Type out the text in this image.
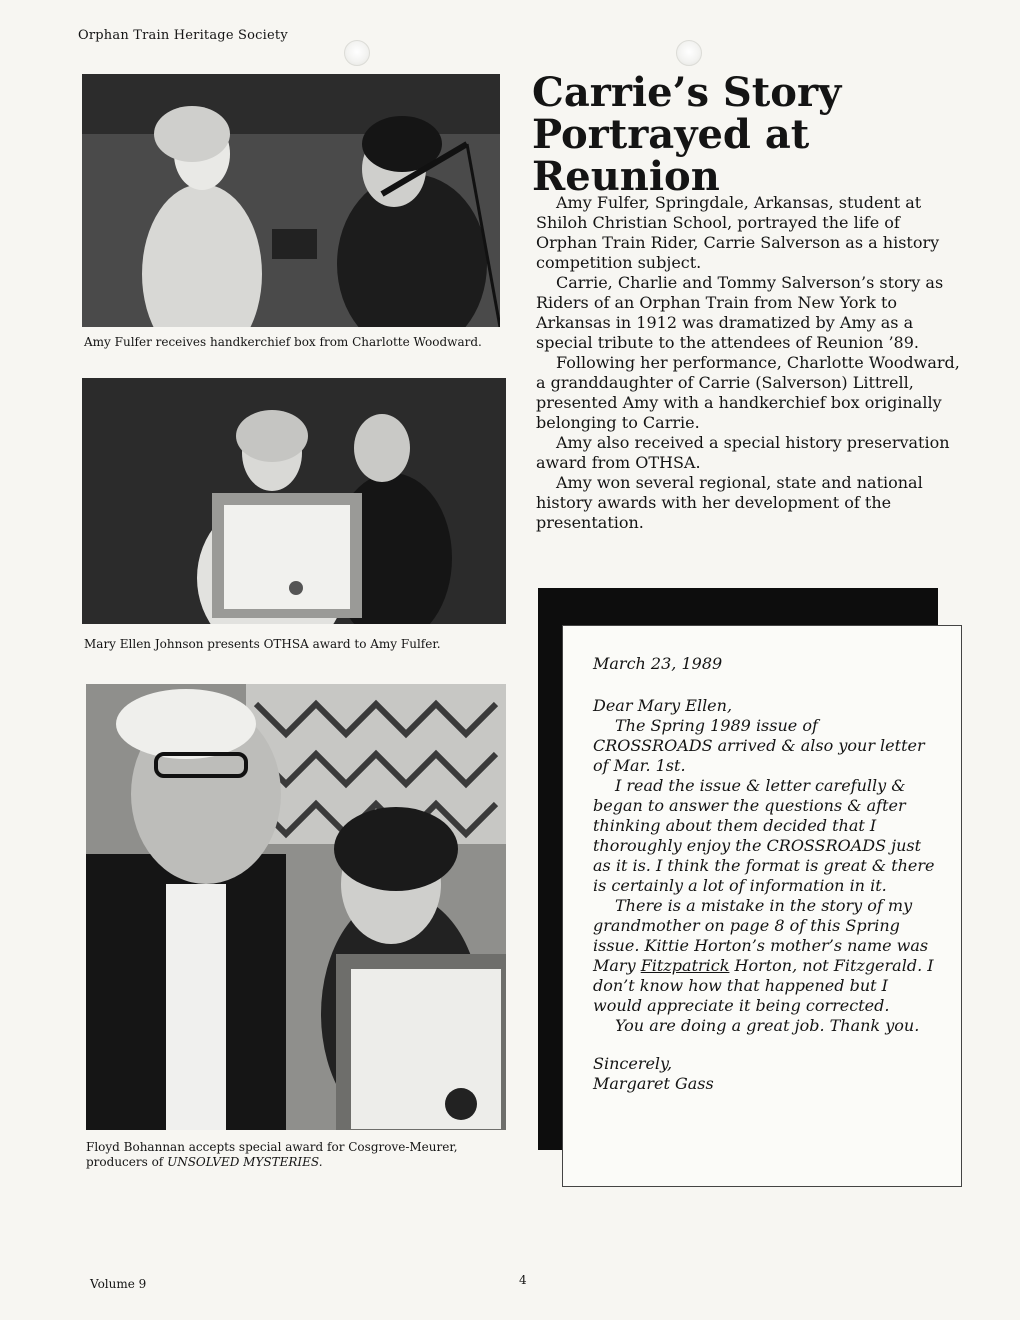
Orphan Train Heritage Society
Amy Fulfer receives handkerchief box from Charlotte Woodward.
Mary Ellen Johnson presents OTHSA award to Amy Fulfer.
Floyd Bohannan accepts special award for Cosgrove-Meurer,
producers of UNSOLVED MYSTERIES.
Carrie’s Story
Portrayed at
Reunion

Amy Fulfer, Springdale, Arkansas, student at Shiloh Christian School, portrayed the life of Orphan Train Rider, Carrie Salverson as a history competition subject.

Carrie, Charlie and Tommy Salverson’s story as Riders of an Orphan Train from New York to Arkansas in 1912 was dramatized by Amy as a special tribute to the attendees of Reunion ’89.

Following her performance, Charlotte Woodward, a granddaughter of Carrie (Salverson) Littrell, presented Amy with a handkerchief box originally belonging to Carrie.

Amy also received a special history preservation award from OTHSA.

Amy won several regional, state and national history awards with her development of the presentation.

March 23, 1989
Dear Mary Ellen,

The Spring 1989 issue of CROSSROADS arrived & also your letter of Mar. 1st.

I read the issue & letter carefully & began to answer the questions & after thinking about them decided that I thoroughly enjoy the CROSSROADS just as it is. I think the format is great & there is certainly a lot of information in it.

There is a mistake in the story of my grandmother on page 8 of this Spring issue. Kittie Horton’s mother’s name was Mary Fitzpatrick Horton, not Fitzgerald. I don’t know how that happened but I would appreciate it being corrected.

You are doing a great job. Thank you.

Sincerely,
Margaret Gass
Volume 9	4
